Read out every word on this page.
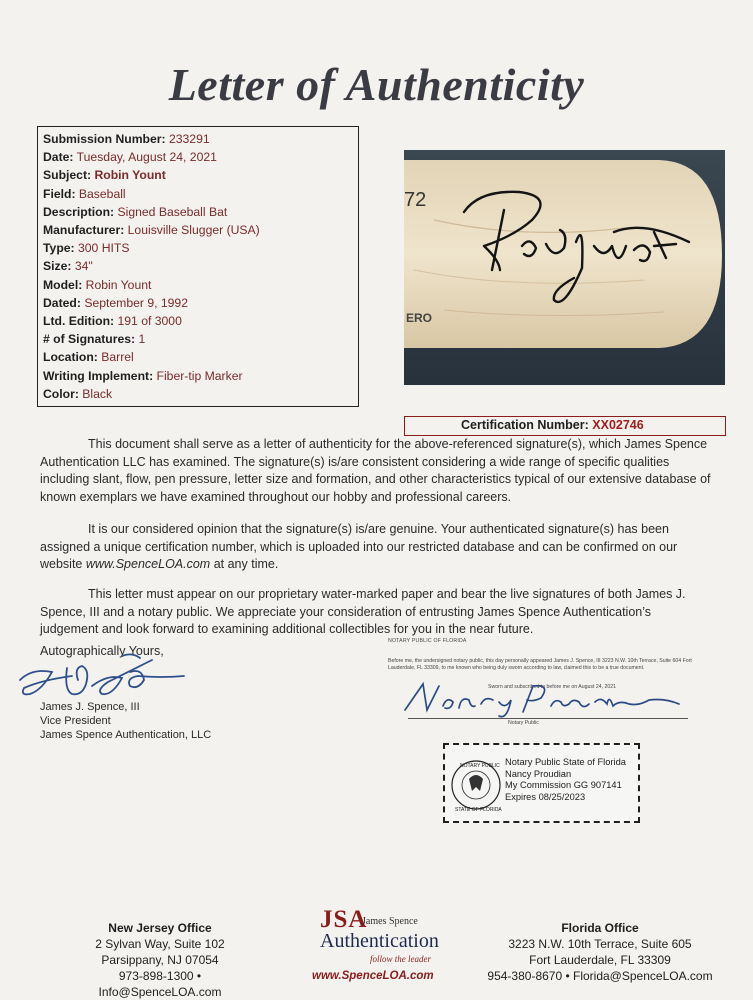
Letter of Authenticity
Submission Number: 233291
Date: Tuesday, August 24, 2021
Subject: Robin Yount
Field: Baseball
Description: Signed Baseball Bat
Manufacturer: Louisville Slugger (USA)
Type: 300 HITS
Size: 34"
Model: Robin Yount
Dated: September 9, 1992
Ltd. Edition: 191 of 3000
# of Signatures: 1
Location: Barrel
Writing Implement: Fiber-tip Marker
Color: Black
72
ERO
Certification Number: XX02746

This document shall serve as a letter of authenticity for the above-referenced signature(s), which James Spence Authentication LLC has examined. The signature(s) is/are consistent considering a wide range of specific qualities including slant, flow, pen pressure, letter size and formation, and other characteristics typical of our extensive database of known exemplars we have examined throughout our hobby and professional careers.

It is our considered opinion that the signature(s) is/are genuine. Your authenticated signature(s) has been assigned a unique certification number, which is uploaded into our restricted database and can be confirmed on our website www.SpenceLOA.com at any time.

This letter must appear on our proprietary water-marked paper and bear the live signatures of both James J. Spence, III and a notary public. We appreciate your consideration of entrusting James Spence Authentication’s judgement and look forward to examining additional collectibles for you in the near future.

Autographically Yours,
James J. Spence, III
Vice President
James Spence Authentication, LLC
NOTARY PUBLIC OF FLORIDA
Before me, the undersigned notary public, this day personally appeared James J. Spence, III 3223 N.W. 10th Terrace, Suite 604 Fort Lauderdale, FL 33309, to me known who being duly sworn according to law, claimed this to be a true document.
Sworn and subscribed to before me on August 24, 2021
Notary Public
NOTARY PUBLIC
STATE OF FLORIDA
Notary Public State of Florida
Nancy Proudian
My Commission GG 907141
Expires 08/25/2023
New Jersey Office
2 Sylvan Way, Suite 102
Parsippany, NJ 07054
973-898-1300 • Info@SpenceLOA.com
JSA
James Spence
Authentication
follow the leader
www.SpenceLOA.com
Florida Office
3223 N.W. 10th Terrace, Suite 605
Fort Lauderdale, FL 33309
954-380-8670 • Florida@SpenceLOA.com
